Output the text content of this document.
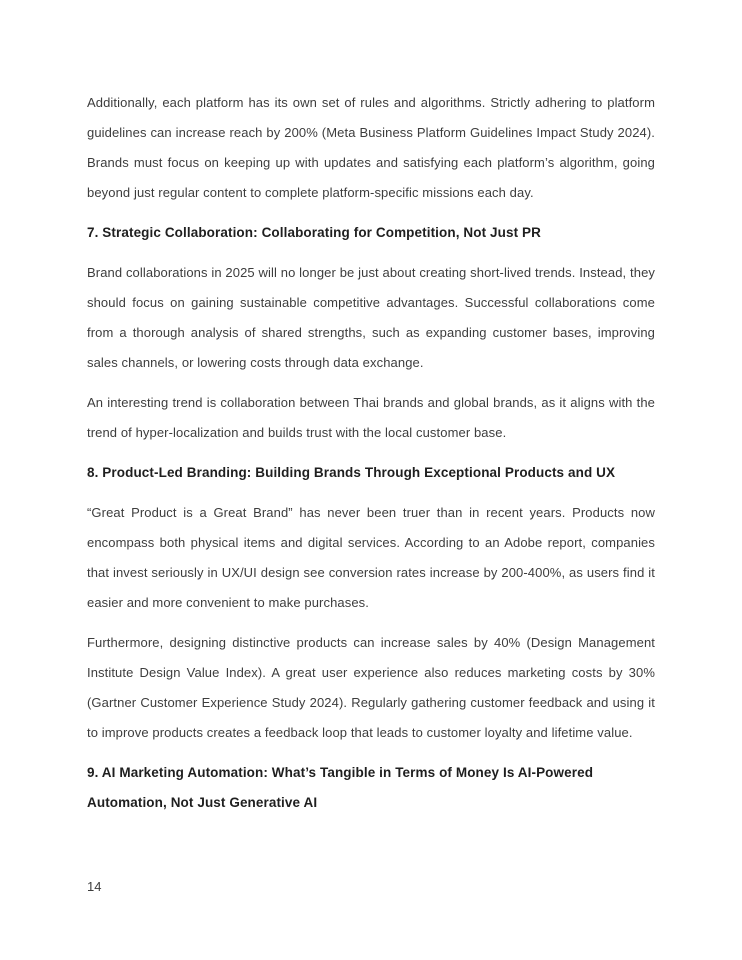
Additionally, each platform has its own set of rules and algorithms. Strictly adhering to platform guidelines can increase reach by 200% (Meta Business Platform Guidelines Impact Study 2024). Brands must focus on keeping up with updates and satisfying each platform’s algorithm, going beyond just regular content to complete platform-specific missions each day.

7. Strategic Collaboration: Collaborating for Competition, Not Just PR

Brand collaborations in 2025 will no longer be just about creating short-lived trends. Instead, they should focus on gaining sustainable competitive advantages. Successful collaborations come from a thorough analysis of shared strengths, such as expanding customer bases, improving sales channels, or lowering costs through data exchange.

An interesting trend is collaboration between Thai brands and global brands, as it aligns with the trend of hyper-localization and builds trust with the local customer base.

8. Product-Led Branding: Building Brands Through Exceptional Products and UX

“Great Product is a Great Brand” has never been truer than in recent years. Products now encompass both physical items and digital services. According to an Adobe report, companies that invest seriously in UX/UI design see conversion rates increase by 200-400%, as users find it easier and more convenient to make purchases.

Furthermore, designing distinctive products can increase sales by 40% (Design Management Institute Design Value Index). A great user experience also reduces marketing costs by 30% (Gartner Customer Experience Study 2024). Regularly gathering customer feedback and using it to improve products creates a feedback loop that leads to customer loyalty and lifetime value.

9. AI Marketing Automation: What’s Tangible in Terms of Money Is AI-Powered Automation, Not Just Generative AI
14
